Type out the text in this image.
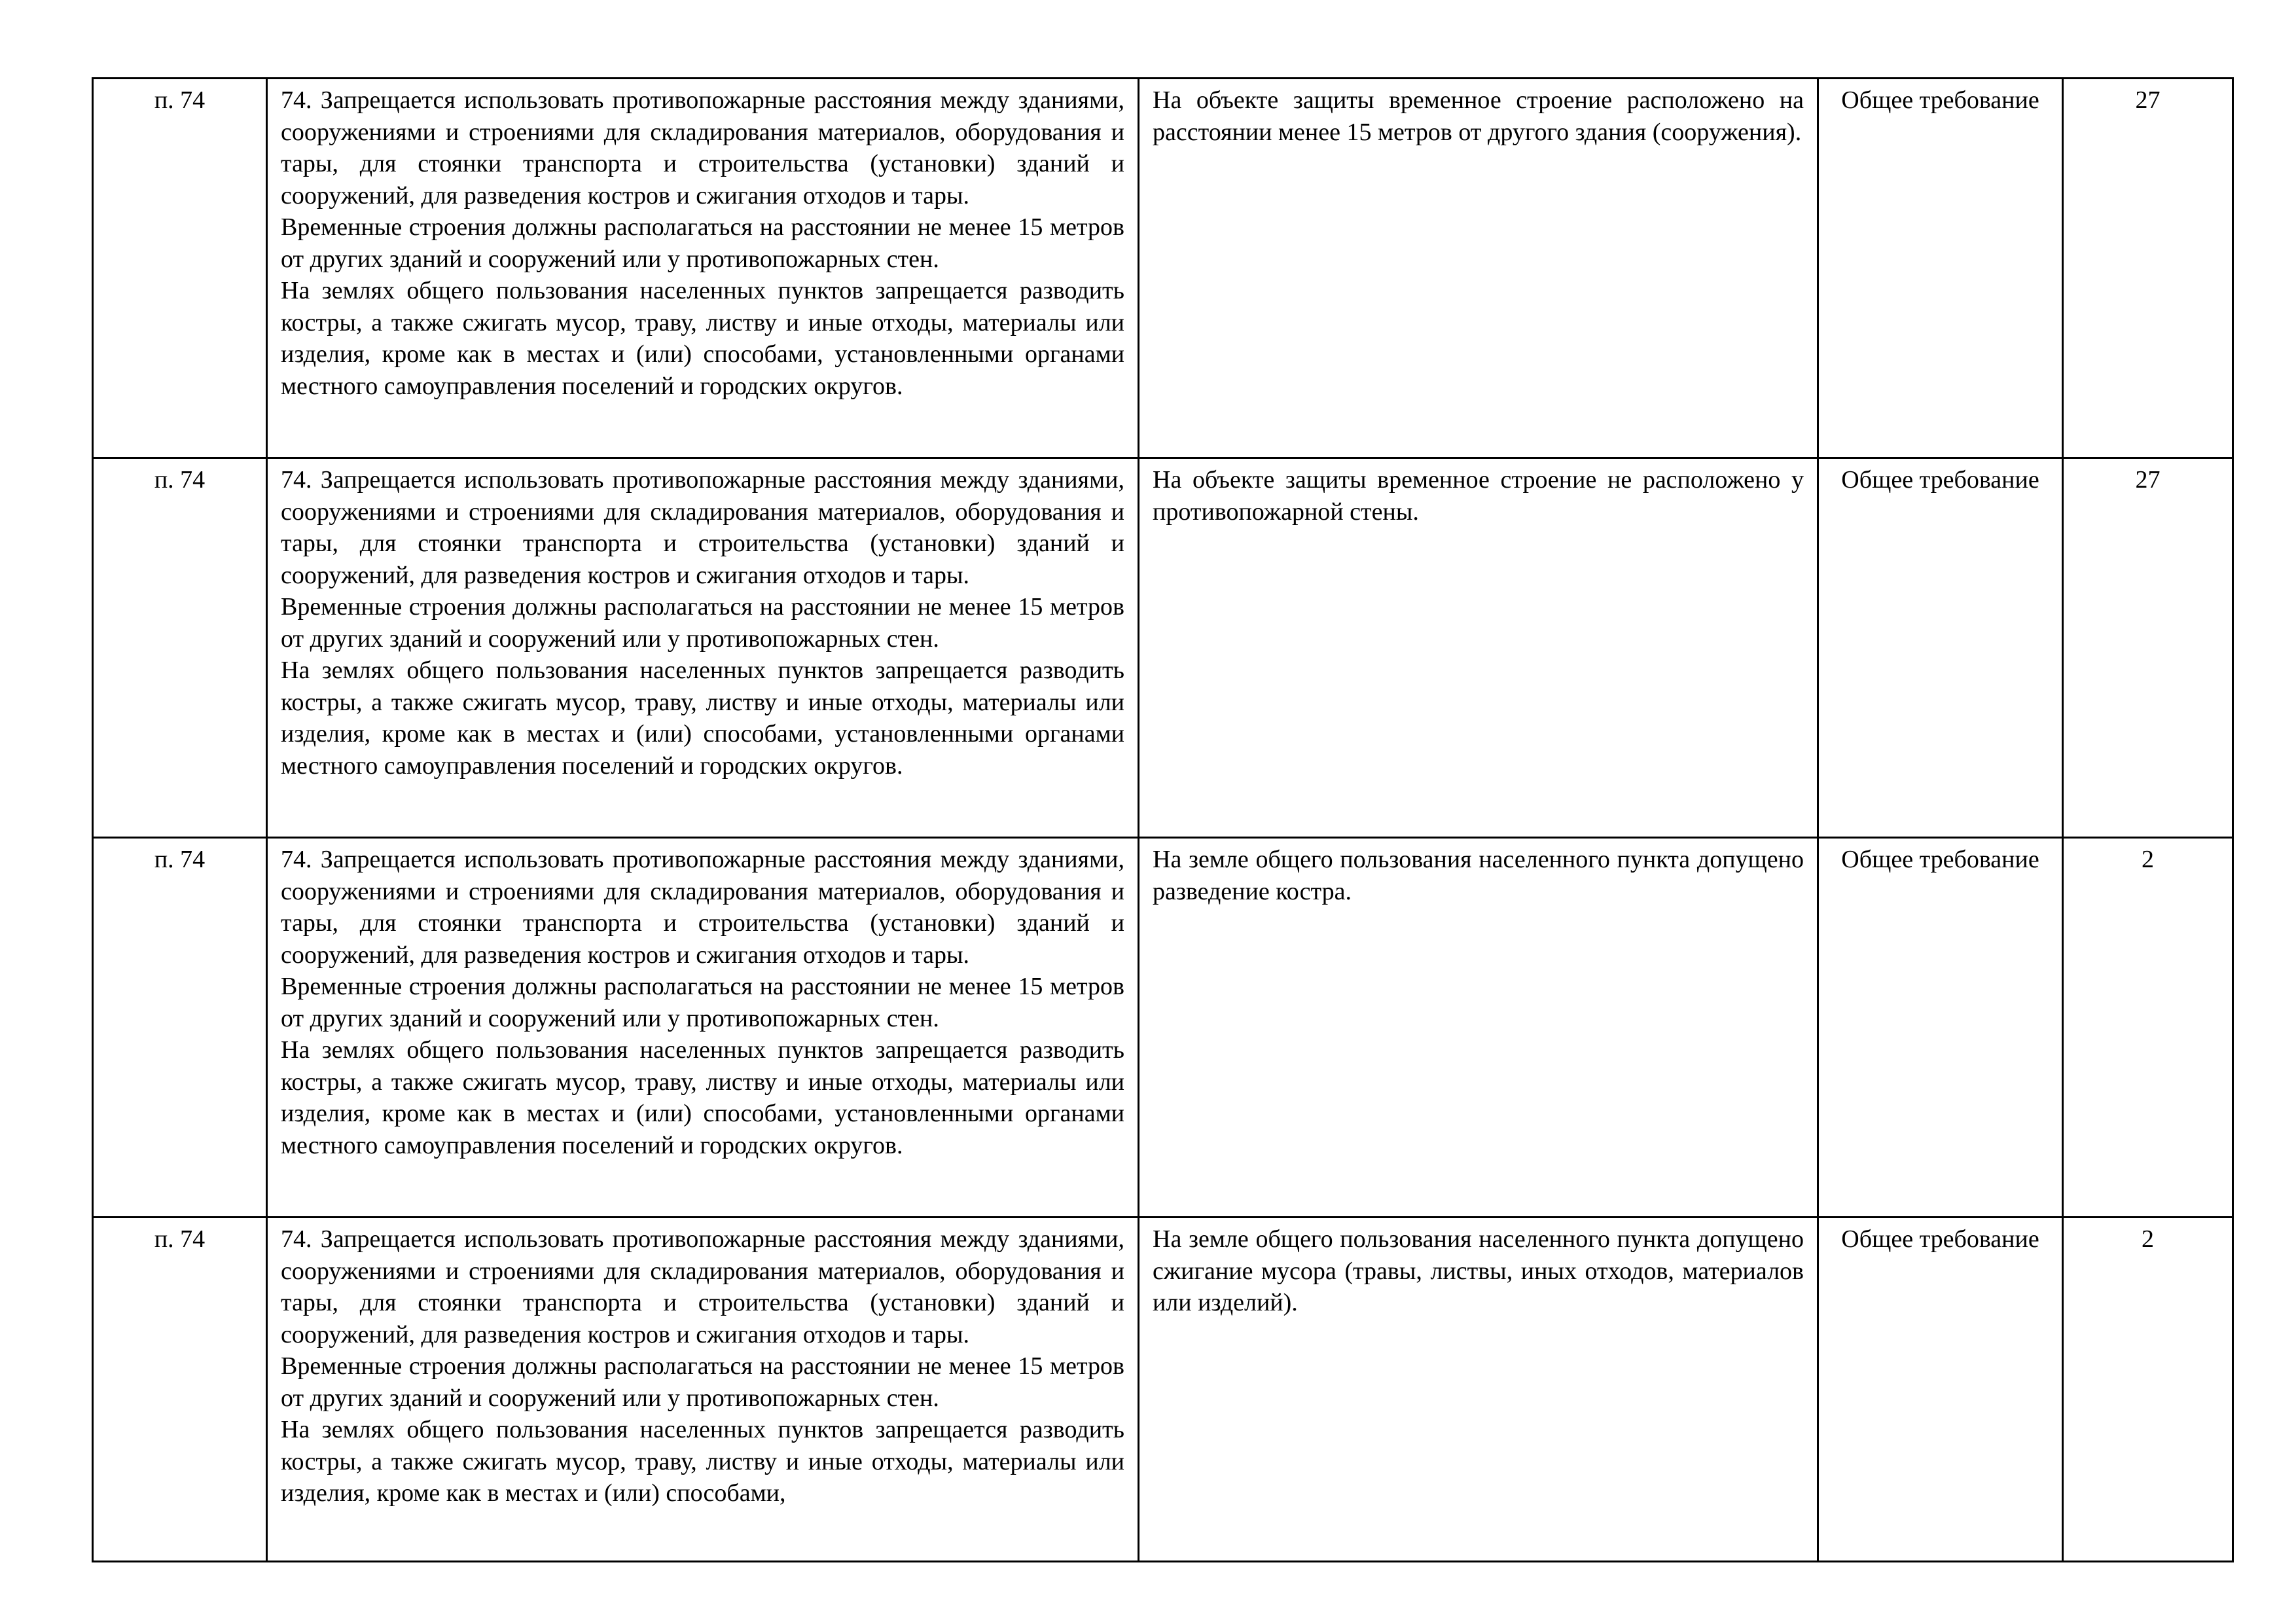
п. 74	74. Запрещается использовать противопожарные расстояния между зданиями, сооружениями и строениями для складирования материалов, оборудования и тары, для стоянки транспорта и строительства (установки) зданий и сооружений, для разведения костров и сжигания отходов и тары.

Временные строения должны располагаться на расстоянии не менее 15 метров от других зданий и сооружений или у противопожарных стен.

На землях общего пользования населенных пунктов запрещается разводить костры, а также сжигать мусор, траву, листву и иные отходы, материалы или изделия, кроме как в местах и (или) способами, установленными органами местного самоуправления поселений и городских округов.	На объекте защиты временное строение расположено на расстоянии менее 15 метров от другого здания (сооружения).	Общее требование	27
п. 74	74. Запрещается использовать противопожарные расстояния между зданиями, сооружениями и строениями для складирования материалов, оборудования и тары, для стоянки транспорта и строительства (установки) зданий и сооружений, для разведения костров и сжигания отходов и тары.

Временные строения должны располагаться на расстоянии не менее 15 метров от других зданий и сооружений или у противопожарных стен.

На землях общего пользования населенных пунктов запрещается разводить костры, а также сжигать мусор, траву, листву и иные отходы, материалы или изделия, кроме как в местах и (или) способами, установленными органами местного самоуправления поселений и городских округов.	На объекте защиты временное строение не расположено у противопожарной стены.	Общее требование	27
п. 74	74. Запрещается использовать противопожарные расстояния между зданиями, сооружениями и строениями для складирования материалов, оборудования и тары, для стоянки транспорта и строительства (установки) зданий и сооружений, для разведения костров и сжигания отходов и тары.

Временные строения должны располагаться на расстоянии не менее 15 метров от других зданий и сооружений или у противопожарных стен.

На землях общего пользования населенных пунктов запрещается разводить костры, а также сжигать мусор, траву, листву и иные отходы, материалы или изделия, кроме как в местах и (или) способами, установленными органами местного самоуправления поселений и городских округов.	На земле общего пользования населенного пункта допущено разведение костра.	Общее требование	2
п. 74	74. Запрещается использовать противопожарные расстояния между зданиями, сооружениями и строениями для складирования материалов, оборудования и тары, для стоянки транспорта и строительства (установки) зданий и сооружений, для разведения костров и сжигания отходов и тары.

Временные строения должны располагаться на расстоянии не менее 15 метров от других зданий и сооружений или у противопожарных стен.

На землях общего пользования населенных пунктов запрещается разводить костры, а также сжигать мусор, траву, листву и иные отходы, материалы или изделия, кроме как в местах и (или) способами,	На земле общего пользования населенного пункта допущено сжигание мусора (травы, листвы, иных отходов, материалов или изделий).	Общее требование	2
